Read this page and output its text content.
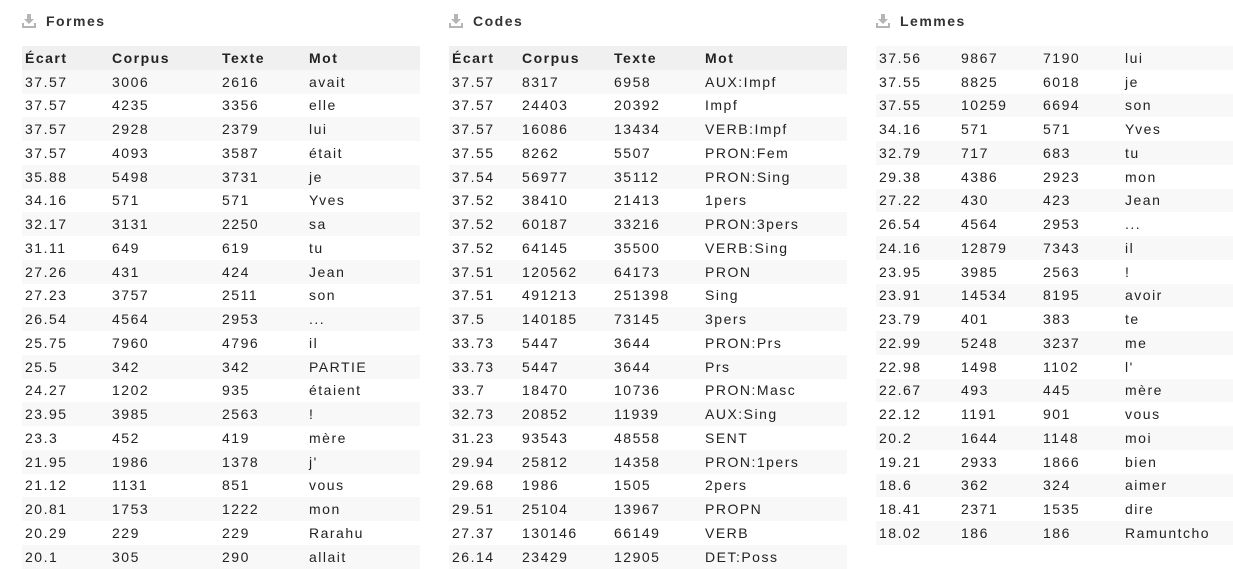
Formes
Écart	Corpus	Texte	Mot
37.57	3006	2616	avait
37.57	4235	3356	elle
37.57	2928	2379	lui
37.57	4093	3587	était
35.88	5498	3731	je
34.16	571	571	Yves
32.17	3131	2250	sa
31.11	649	619	tu
27.26	431	424	Jean
27.23	3757	2511	son
26.54	4564	2953	...
25.75	7960	4796	il
25.5	342	342	PARTIE
24.27	1202	935	étaient
23.95	3985	2563	!
23.3	452	419	mère
21.95	1986	1378	j'
21.12	1131	851	vous
20.81	1753	1222	mon
20.29	229	229	Rarahu
20.1	305	290	allait
Codes
Écart	Corpus	Texte	Mot
37.57	8317	6958	AUX:Impf
37.57	24403	20392	Impf
37.57	16086	13434	VERB:Impf
37.55	8262	5507	PRON:Fem
37.54	56977	35112	PRON:Sing
37.52	38410	21413	1pers
37.52	60187	33216	PRON:3pers
37.52	64145	35500	VERB:Sing
37.51	120562	64173	PRON
37.51	491213	251398	Sing
37.5	140185	73145	3pers
33.73	5447	3644	PRON:Prs
33.73	5447	3644	Prs
33.7	18470	10736	PRON:Masc
32.73	20852	11939	AUX:Sing
31.23	93543	48558	SENT
29.94	25812	14358	PRON:1pers
29.68	1986	1505	2pers
29.51	25104	13967	PROPN
27.37	130146	66149	VERB
26.14	23429	12905	DET:Poss
Lemmes
37.56	9867	7190	lui
37.55	8825	6018	je
37.55	10259	6694	son
34.16	571	571	Yves
32.79	717	683	tu
29.38	4386	2923	mon
27.22	430	423	Jean
26.54	4564	2953	...
24.16	12879	7343	il
23.95	3985	2563	!
23.91	14534	8195	avoir
23.79	401	383	te
22.99	5248	3237	me
22.98	1498	1102	l'
22.67	493	445	mère
22.12	1191	901	vous
20.2	1644	1148	moi
19.21	2933	1866	bien
18.6	362	324	aimer
18.41	2371	1535	dire
18.02	186	186	Ramuntcho
